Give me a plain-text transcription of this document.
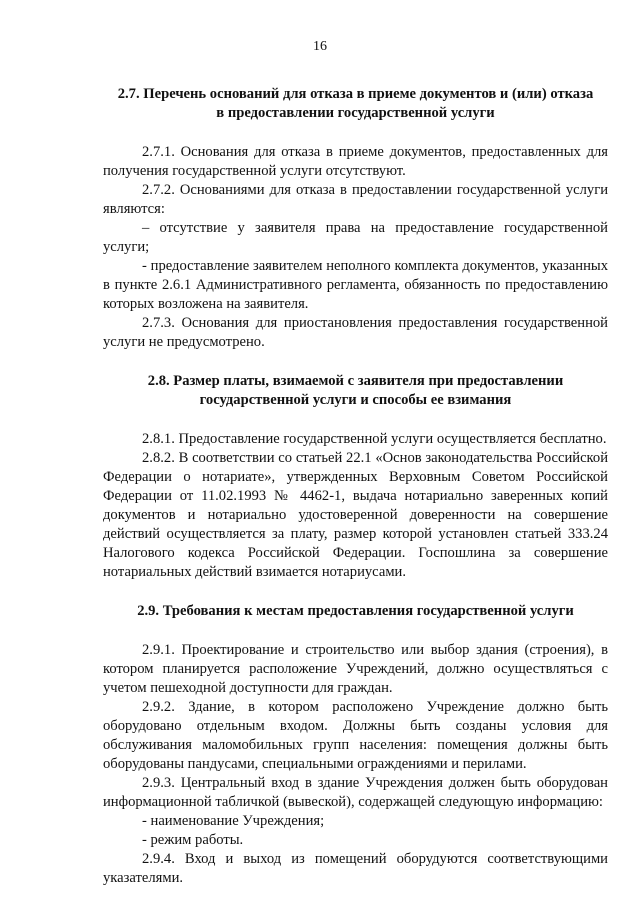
16
2.7. Перечень оснований для отказа в приеме документов и (или) отказа
в предоставлении государственной услуги

2.7.1. Основания для отказа в приеме документов, предоставленных для получения государственной услуги отсутствуют.

2.7.2. Основаниями для отказа в предоставлении государственной услуги являются:

– отсутствие у заявителя права на предоставление государственной услуги;

- предоставление заявителем неполного комплекта документов, указанных в пункте 2.6.1 Административного регламента, обязанность по предоставлению которых возложена на заявителя.

2.7.3. Основания для приостановления предоставления государственной услуги не предусмотрено.

2.8. Размер платы, взимаемой с заявителя при предоставлении
государственной услуги и способы ее взимания

2.8.1. Предоставление государственной услуги осуществляется бесплатно.

2.8.2. В соответствии со статьей 22.1 «Основ законодательства Российской Федерации о нотариате», утвержденных Верховным Советом Российской Федерации от 11.02.1993 № 4462-1, выдача нотариально заверенных копий документов и нотариально удостоверенной доверенности на совершение действий осуществляется за плату, размер которой установлен статьей 333.24 Налогового кодекса Российской Федерации. Госпошлина за совершение нотариальных действий взимается нотариусами.

2.9. Требования к местам предоставления государственной услуги

2.9.1. Проектирование и строительство или выбор здания (строения), в котором планируется расположение Учреждений, должно осуществляться с учетом пешеходной доступности для граждан.

2.9.2. Здание, в котором расположено Учреждение должно быть оборудовано отдельным входом. Должны быть созданы условия для обслуживания маломобильных групп населения: помещения должны быть оборудованы пандусами, специальными ограждениями и перилами.

2.9.3. Центральный вход в здание Учреждения должен быть оборудован информационной табличкой (вывеской), содержащей следующую информацию:

- наименование Учреждения;

- режим работы.

2.9.4. Вход и выход из помещений оборудуются соответствующими указателями.
